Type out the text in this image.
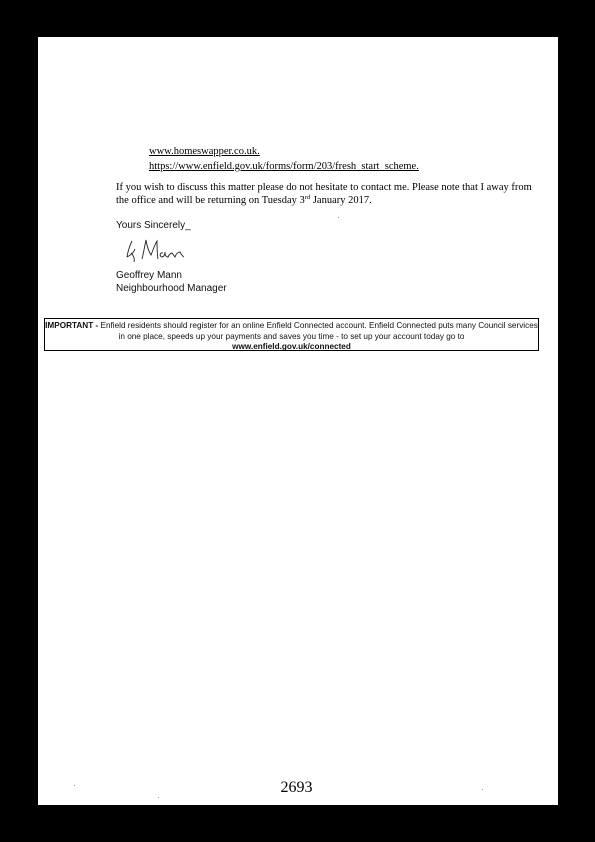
www.homeswapper.co.uk.
https://www.enfield.gov.uk/forms/form/203/fresh_start_scheme.
If you wish to discuss this matter please do not hesitate to contact me. Please note that I away from the office and will be returning on Tuesday 3rd January 2017.
Yours Sincerely_
Geoffrey Mann
Neighbourhood Manager
IMPORTANT - Enfield residents should register for an online Enfield Connected account. Enfield Connected puts many Council services in one place, speeds up your payments and saves you time - to set up your account today go to
www.enfield.gov.uk/connected
2693
